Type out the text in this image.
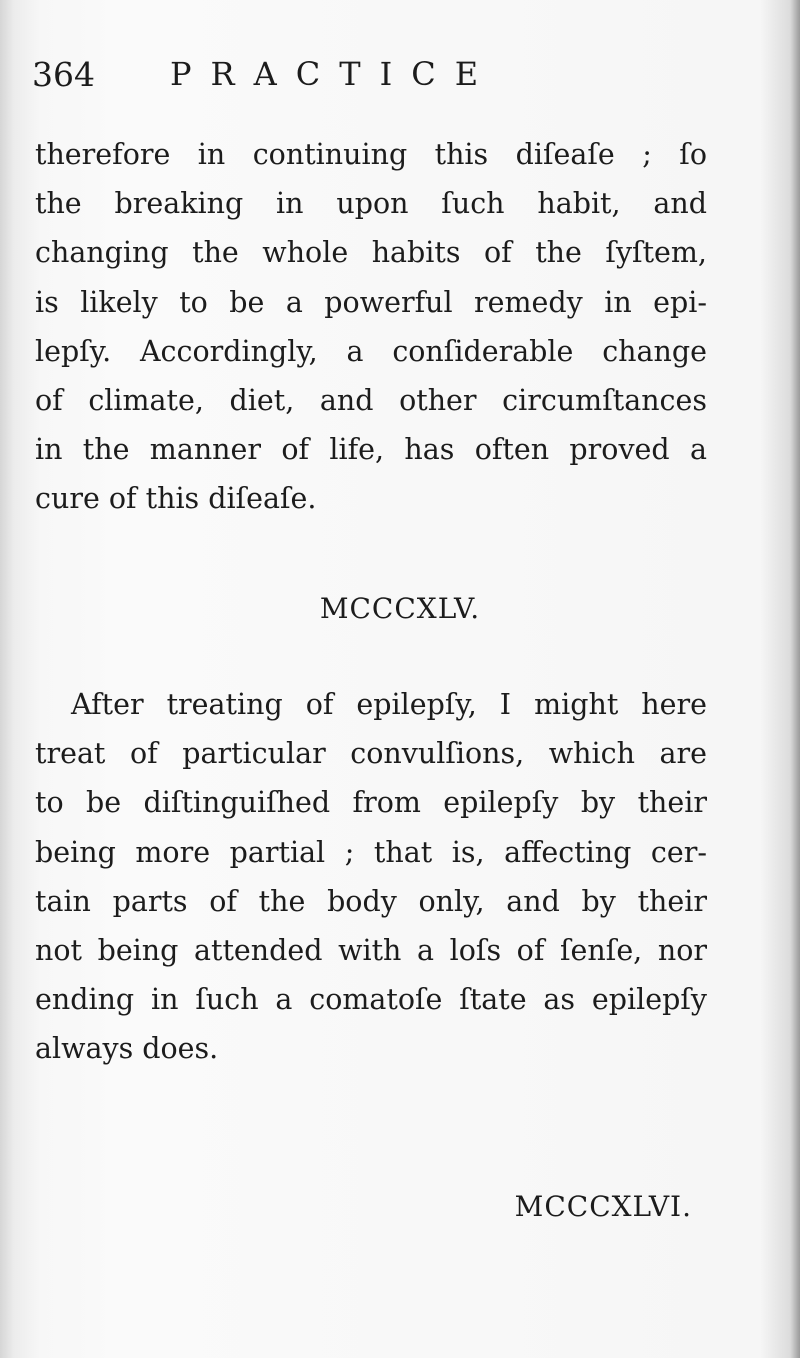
364 PRACTICE
therefore in continuing this diſeaſe ; ſo
the breaking in upon ſuch habit, and
changing the whole habits of the ſyſtem,
is likely to be a powerful remedy in epi-
lepſy. Accordingly, a conſiderable change
of climate, diet, and other circumſtances
in the manner of life, has often proved a
cure of this diſeaſe.
MCCCXLV.
After treating of epilepſy, I might here
treat of particular convulſions, which are
to be diſtinguiſhed from epilepſy by their
being more partial ; that is, affecting cer-
tain parts of the body only, and by their
not being attended with a loſs of ſenſe, nor
ending in ſuch a comatoſe ſtate as epilepſy
always does.
MCCCXLVI.
